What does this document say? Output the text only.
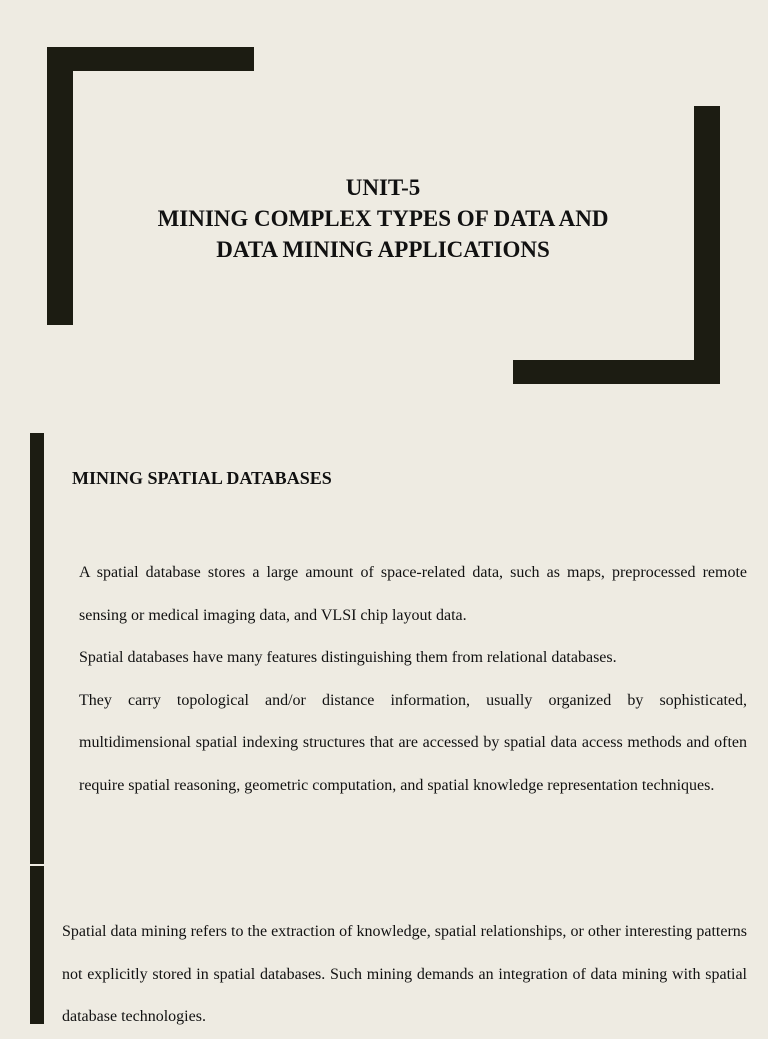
UNIT-5
MINING COMPLEX TYPES OF DATA AND
DATA MINING APPLICATIONS
MINING SPATIAL DATABASES

A spatial database stores a large amount of space-related data, such as maps, preprocessed remote sensing or medical imaging data, and VLSI chip layout data.

Spatial databases have many features distinguishing them from relational databases.

They carry topological and/or distance information, usually organized by sophisticated, multidimensional spatial indexing structures that are accessed by spatial data access methods and often require spatial reasoning, geometric computation, and spatial knowledge representation techniques.

Spatial data mining refers to the extraction of knowledge, spatial relationships, or other interesting patterns not explicitly stored in spatial databases. Such mining demands an integration of data mining with spatial database technologies.
